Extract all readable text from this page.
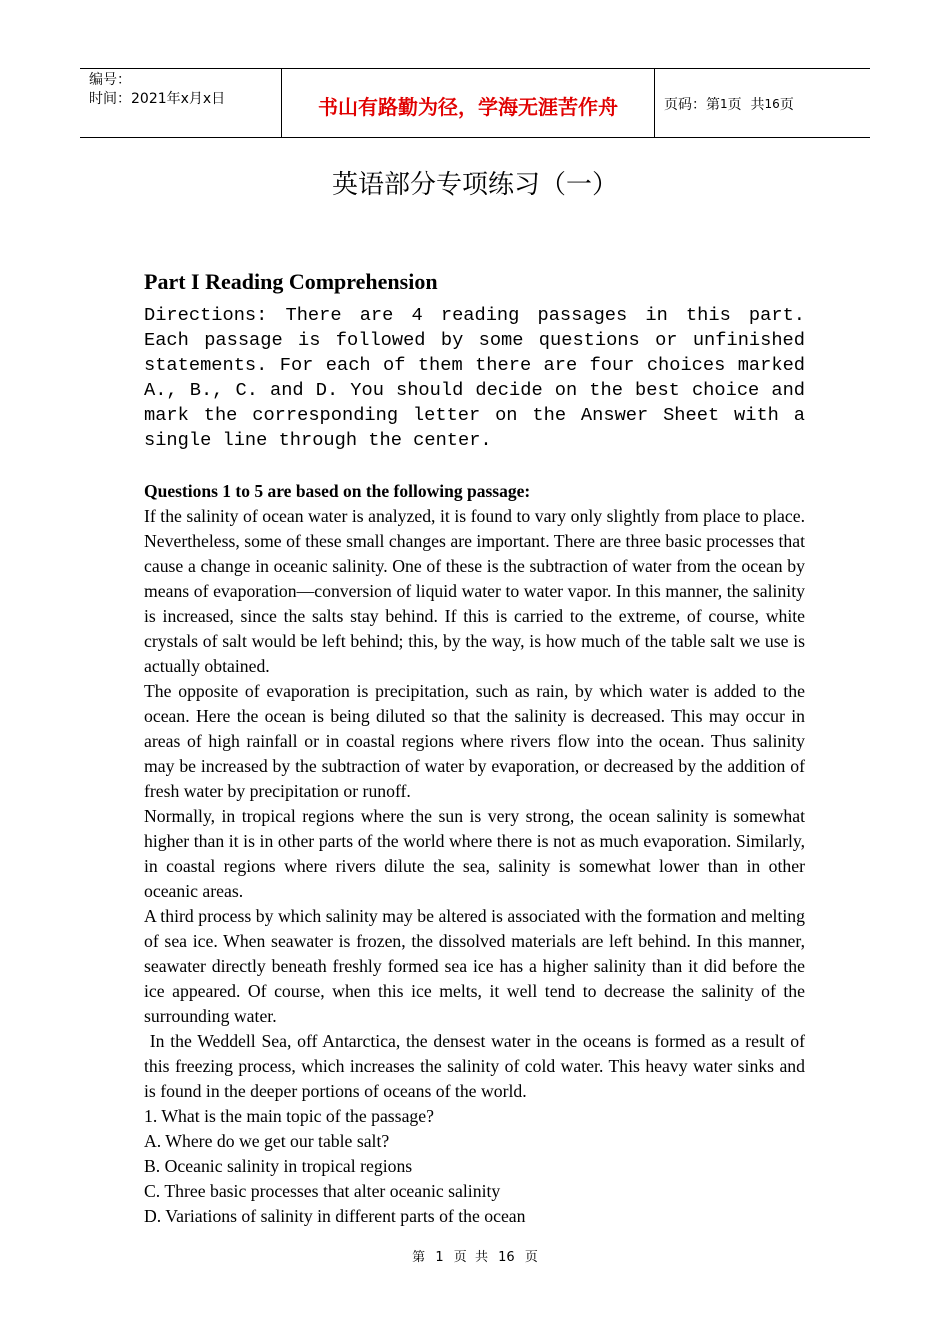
编号：
时间：2021年x月x日	书山有路勤为径，学海无涯苦作舟	页码：第 1 页  共 16 页
英语部分专项练习（一）
Part I Reading Comprehension

Directions: There are 4 reading passages in this part. Each passage is followed by some questions or unfinished statements. For each of them there are four choices marked A., B., C. and D. You should decide on the best choice and mark the corresponding letter on the Answer Sheet with a single line through the center.

Questions 1 to 5 are based on the following passage:

If the salinity of ocean water is analyzed, it is found to vary only slightly from place to place. Nevertheless, some of these small changes are important. There are three basic processes that cause a change in oceanic salinity. One of these is the subtraction of water from the ocean by means of evaporation—conversion of liquid water to water vapor. In this manner, the salinity is increased, since the salts stay behind. If this is carried to the extreme, of course, white crystals of salt would be left behind; this, by the way, is how much of the table salt we use is actually obtained.

The opposite of evaporation is precipitation, such as rain, by which water is added to the ocean. Here the ocean is being diluted so that the salinity is decreased. This may occur in areas of high rainfall or in coastal regions where rivers flow into the ocean. Thus salinity may be increased by the subtraction of water by evaporation, or decreased by the addition of fresh water by precipitation or runoff.

Normally, in tropical regions where the sun is very strong, the ocean salinity is somewhat higher than it is in other parts of the world where there is not as much evaporation. Similarly, in coastal regions where rivers dilute the sea, salinity is somewhat lower than in other oceanic areas.

A third process by which salinity may be altered is associated with the formation and melting of sea ice. When seawater is frozen, the dissolved materials are left behind. In this manner, seawater directly beneath freshly formed sea ice has a higher salinity than it did before the ice appeared. Of course, when this ice melts, it well tend to decrease the salinity of the surrounding water.

In the Weddell Sea, off Antarctica, the densest water in the oceans is formed as a result of this freezing process, which increases the salinity of cold water. This heavy water sinks and is found in the deeper portions of oceans of the world.

1. What is the main topic of the passage?

A. Where do we get our table salt?

B. Oceanic salinity in tropical regions

C. Three basic processes that alter oceanic salinity

D. Variations of salinity in different parts of the ocean

第 1 页  共 16 页
